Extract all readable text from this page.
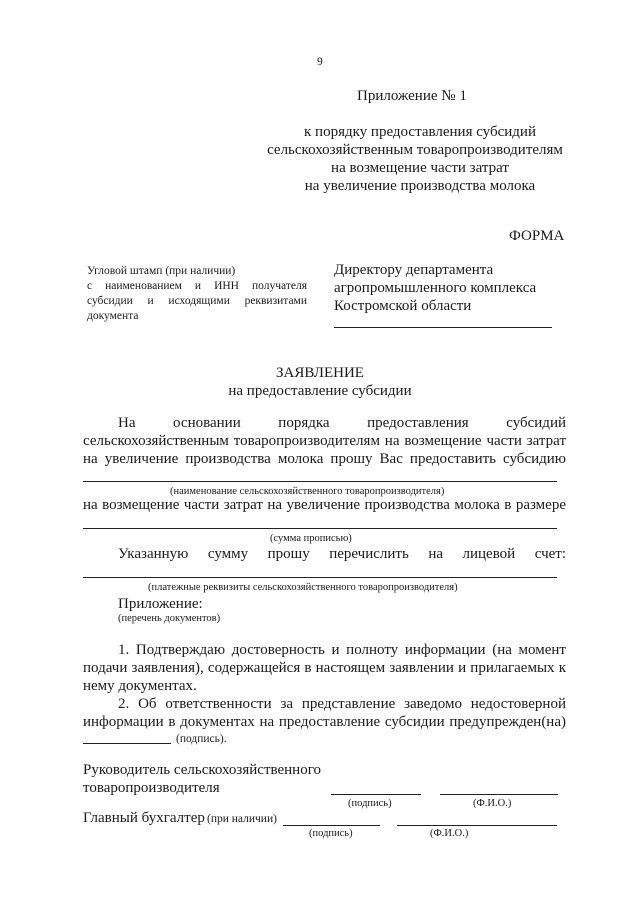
9
Приложение № 1
к порядку предоставления субсидий
сельскохозяйственным товаропроизводителям
на возмещение части затрат
на увеличение производства молока
ФОРМА
Угловой штамп (при наличии)
с наименованием и ИНН получателя
субсидии и исходящими реквизитами
документа
Директору департамента
агропромышленного комплекса
Костромской области
ЗАЯВЛЕНИЕ
на предоставление субсидии
На основании порядка предоставления субсидий
сельскохозяйственным товаропроизводителям на возмещение части затрат
на увеличение производства молока прошу Вас предоставить субсидию
(наименование сельскохозяйственного товаропроизводителя)
на возмещение части затрат на увеличение производства молока в размере
(сумма прописью)
Указанную сумму прошу перечислить на лицевой счет:
(платежные реквизиты сельскохозяйственного товаропроизводителя)
Приложение:
(перечень документов)
1. Подтверждаю достоверность и полноту информации (на момент
подачи заявления), содержащейся в настоящем заявлении и прилагаемых к
нему документах.
2. Об ответственности за представление заведомо недостоверной
информации в документах на предоставление субсидии предупрежден(на)
(подпись).
Руководитель сельскохозяйственного
товаропроизводителя
(подпись)	(Ф.И.О.)
Главный бухгалтер (при наличии)
(подпись)	(Ф.И.О.)
